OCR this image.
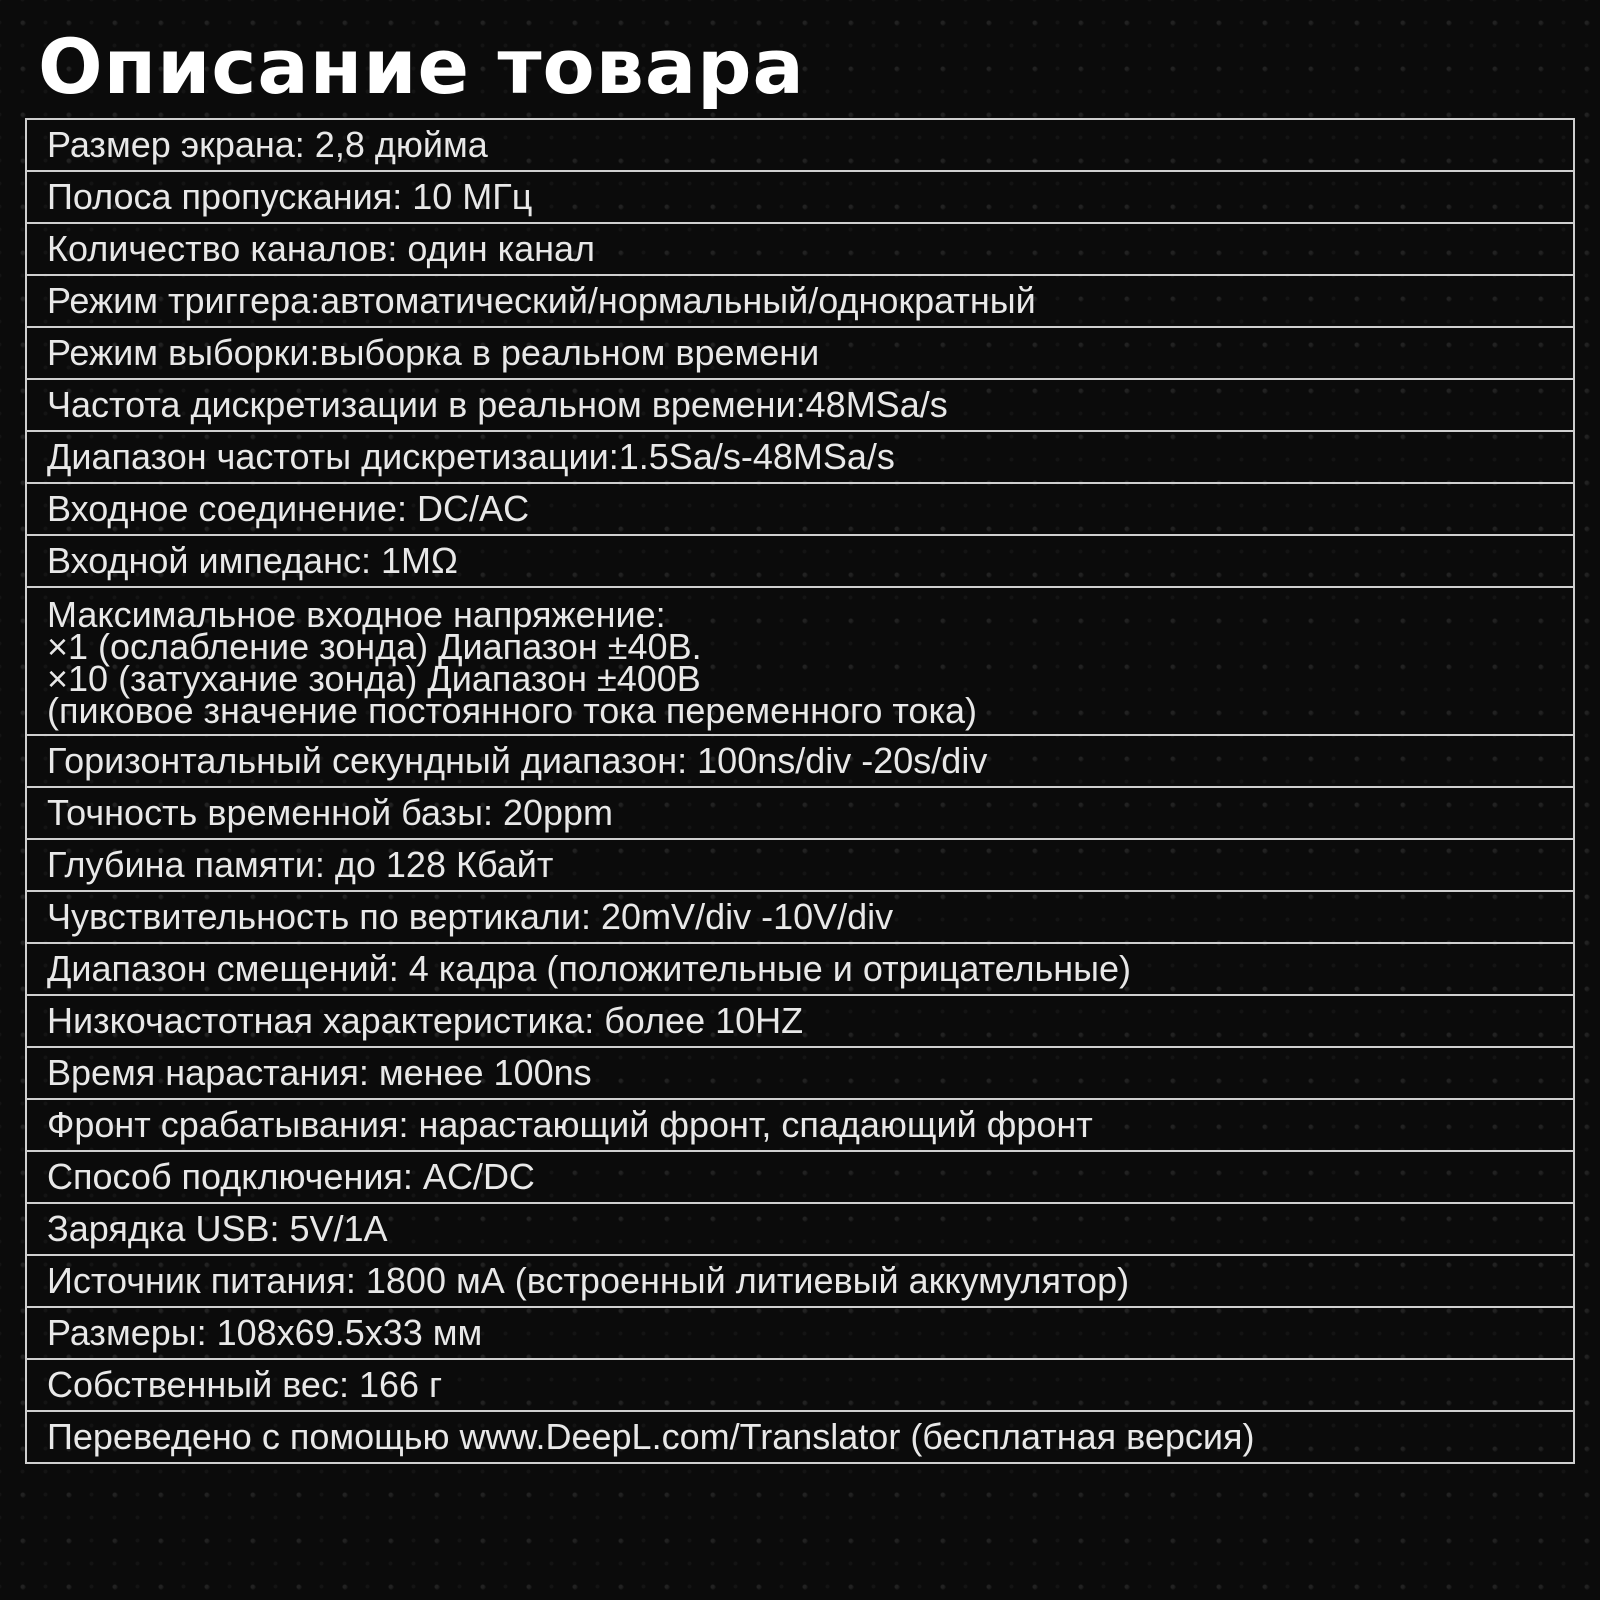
Описание товара
Размер экрана: 2,8 дюйма
Полоса пропускания: 10 МГц
Количество каналов: один канал
Режим триггера:автоматический/нормальный/однократный
Режим выборки:выборка в реальном времени
Частота дискретизации в реальном времени:48MSa/s
Диапазон частоты дискретизации:1.5Sa/s-48MSa/s
Входное соединение: DC/AC
Входной импеданс: 1MΩ

Максимальное входное напряжение:
×1 (ослабление зонда) Диапазон ±40В.
×10 (затухание зонда) Диапазон ±400В
(пиковое значение постоянного тока переменного тока)

Горизонтальный секундный диапазон: 100ns/div -20s/div
Точность временной базы: 20ppm
Глубина памяти: до 128 Кбайт
Чувствительность по вертикали: 20mV/div -10V/div
Диапазон смещений: 4 кадра (положительные и отрицательные)
Низкочастотная характеристика: более 10HZ
Время нарастания: менее 100ns
Фронт срабатывания: нарастающий фронт, спадающий фронт
Способ подключения: AC/DC
Зарядка USB: 5V/1A
Источник питания: 1800 мА (встроенный литиевый аккумулятор)
Размеры: 108x69.5x33 мм
Собственный вес: 166 г
Переведено с помощью www.DeepL.com/Translator (бесплатная версия)
